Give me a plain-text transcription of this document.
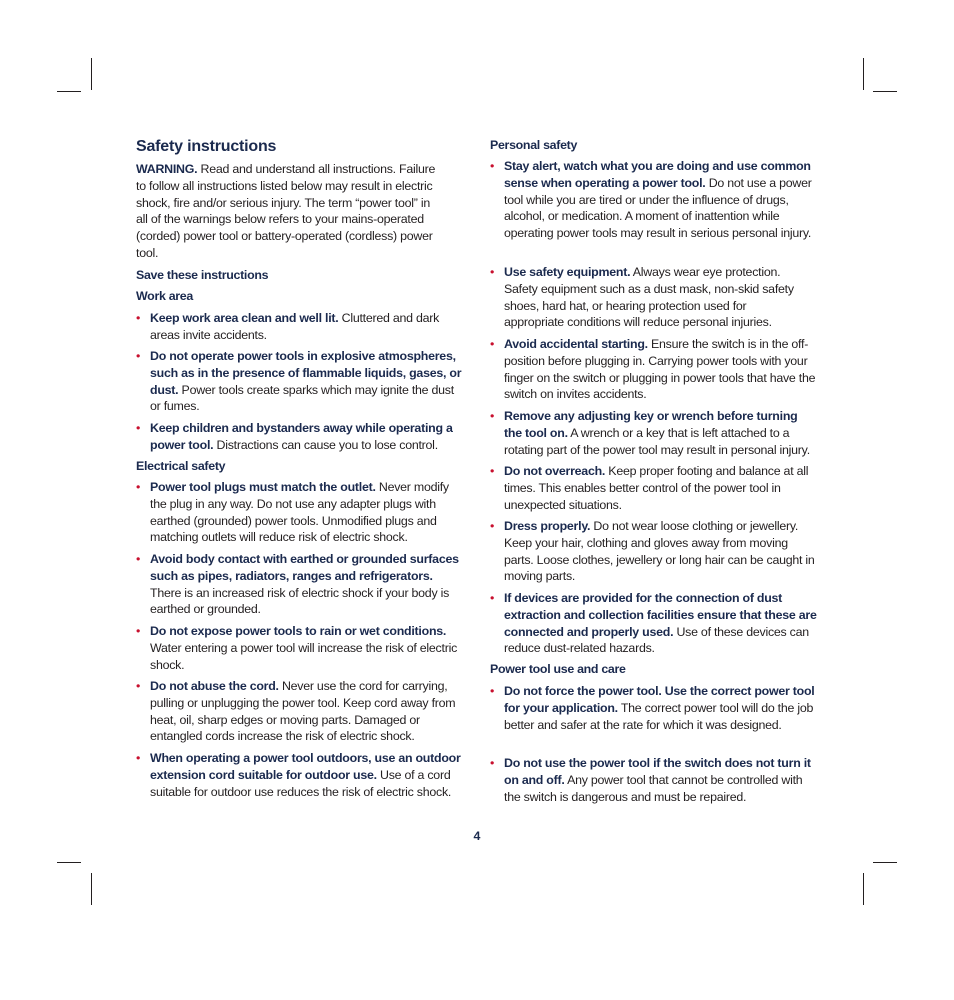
Safety instructions
WARNING. Read and understand all instructions. Failure to follow all instructions listed below may result in electric shock, fire and/or serious injury. The term “power tool” in all of the warnings below refers to your mains-operated (corded) power tool or battery-operated (cordless) power tool.
Save these instructions
Work area
• Keep work area clean and well lit. Cluttered and dark areas invite accidents.
• Do not operate power tools in explosive atmospheres, such as in the presence of flammable liquids, gases, or dust. Power tools create sparks which may ignite the dust or fumes.
• Keep children and bystanders away while operating a power tool. Distractions can cause you to lose control.
Electrical safety
• Power tool plugs must match the outlet. Never modify the plug in any way. Do not use any adapter plugs with earthed (grounded) power tools. Unmodified plugs and matching outlets will reduce risk of electric shock.
• Avoid body contact with earthed or grounded surfaces such as pipes, radiators, ranges and refrigerators. There is an increased risk of electric shock if your body is earthed or grounded.
• Do not expose power tools to rain or wet conditions. Water entering a power tool will increase the risk of electric shock.
• Do not abuse the cord. Never use the cord for carrying, pulling or unplugging the power tool. Keep cord away from heat, oil, sharp edges or moving parts. Damaged or entangled cords increase the risk of electric shock.
• When operating a power tool outdoors, use an outdoor extension cord suitable for outdoor use. Use of a cord suitable for outdoor use reduces the risk of electric shock.
Personal safety
• Stay alert, watch what you are doing and use common sense when operating a power tool. Do not use a power tool while you are tired or under the influence of drugs, alcohol, or medication. A moment of inattention while operating power tools may result in serious personal injury.
• Use safety equipment. Always wear eye protection. Safety equipment such as a dust mask, non-skid safety shoes, hard hat, or hearing protection used for appropriate conditions will reduce personal injuries.
• Avoid accidental starting. Ensure the switch is in the off-position before plugging in. Carrying power tools with your finger on the switch or plugging in power tools that have the switch on invites accidents.
• Remove any adjusting key or wrench before turning the tool on. A wrench or a key that is left attached to a rotating part of the power tool may result in personal injury.
• Do not overreach. Keep proper footing and balance at all times. This enables better control of the power tool in unexpected situations.
• Dress properly. Do not wear loose clothing or jewellery. Keep your hair, clothing and gloves away from moving parts. Loose clothes, jewellery or long hair can be caught in moving parts.
• If devices are provided for the connection of dust extraction and collection facilities ensure that these are connected and properly used. Use of these devices can reduce dust-related hazards.
Power tool use and care
• Do not force the power tool. Use the correct power tool for your application. The correct power tool will do the job better and safer at the rate for which it was designed.
• Do not use the power tool if the switch does not turn it on and off. Any power tool that cannot be controlled with the switch is dangerous and must be repaired.
4
